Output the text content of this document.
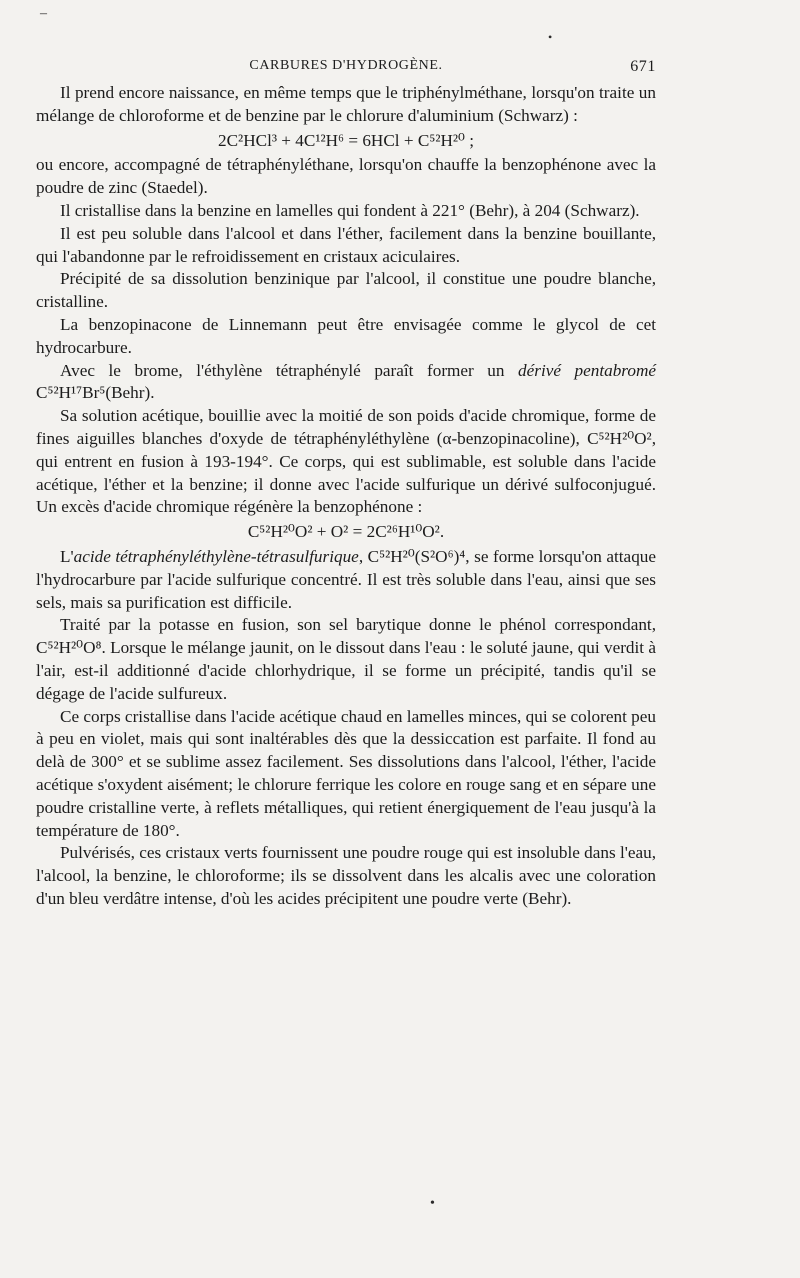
–
•
CARBURES D'HYDROGÈNE.	671

Il prend encore naissance, en même temps que le triphénylméthane, lorsqu'on traite un mélange de chloroforme et de benzine par le chlorure d'aluminium (Schwarz) :

2C²HCl³ + 4C¹²H⁶ = 6HCl + C⁵²H²⁰ ;

ou encore, accompagné de tétraphényléthane, lorsqu'on chauffe la benzophénone avec la poudre de zinc (Staedel).

Il cristallise dans la benzine en lamelles qui fondent à 221° (Behr), à 204 (Schwarz).

Il est peu soluble dans l'alcool et dans l'éther, facilement dans la benzine bouillante, qui l'abandonne par le refroidissement en cristaux aciculaires.

Précipité de sa dissolution benzinique par l'alcool, il constitue une poudre blanche, cristalline.

La benzopinacone de Linnemann peut être envisagée comme le glycol de cet hydrocarbure.

Avec le brome, l'éthylène tétraphénylé paraît former un dérivé pentabromé C⁵²H¹⁷Br⁵(Behr).

Sa solution acétique, bouillie avec la moitié de son poids d'acide chromique, forme de fines aiguilles blanches d'oxyde de tétraphényléthylène (α-benzopinacoline), C⁵²H²⁰O², qui entrent en fusion à 193-194°. Ce corps, qui est sublimable, est soluble dans l'acide acétique, l'éther et la benzine; il donne avec l'acide sulfurique un dérivé sulfoconjugué. Un excès d'acide chromique régénère la benzophénone :

C⁵²H²⁰O² + O² = 2C²⁶H¹⁰O².

L'acide tétraphényléthylène-tétrasulfurique, C⁵²H²⁰(S²O⁶)⁴, se forme lorsqu'on attaque l'hydrocarbure par l'acide sulfurique concentré. Il est très soluble dans l'eau, ainsi que ses sels, mais sa purification est difficile.

Traité par la potasse en fusion, son sel barytique donne le phénol correspondant, C⁵²H²⁰O⁸. Lorsque le mélange jaunit, on le dissout dans l'eau : le soluté jaune, qui verdit à l'air, est-il additionné d'acide chlorhydrique, il se forme un précipité, tandis qu'il se dégage de l'acide sulfureux.

Ce corps cristallise dans l'acide acétique chaud en lamelles minces, qui se colorent peu à peu en violet, mais qui sont inaltérables dès que la dessiccation est parfaite. Il fond au delà de 300° et se sublime assez facilement. Ses dissolutions dans l'alcool, l'éther, l'acide acétique s'oxydent aisément; le chlorure ferrique les colore en rouge sang et en sépare une poudre cristalline verte, à reflets métalliques, qui retient énergiquement de l'eau jusqu'à la température de 180°.

Pulvérisés, ces cristaux verts fournissent une poudre rouge qui est insoluble dans l'eau, l'alcool, la benzine, le chloroforme; ils se dissolvent dans les alcalis avec une coloration d'un bleu verdâtre intense, d'où les acides précipitent une poudre verte (Behr).

•
